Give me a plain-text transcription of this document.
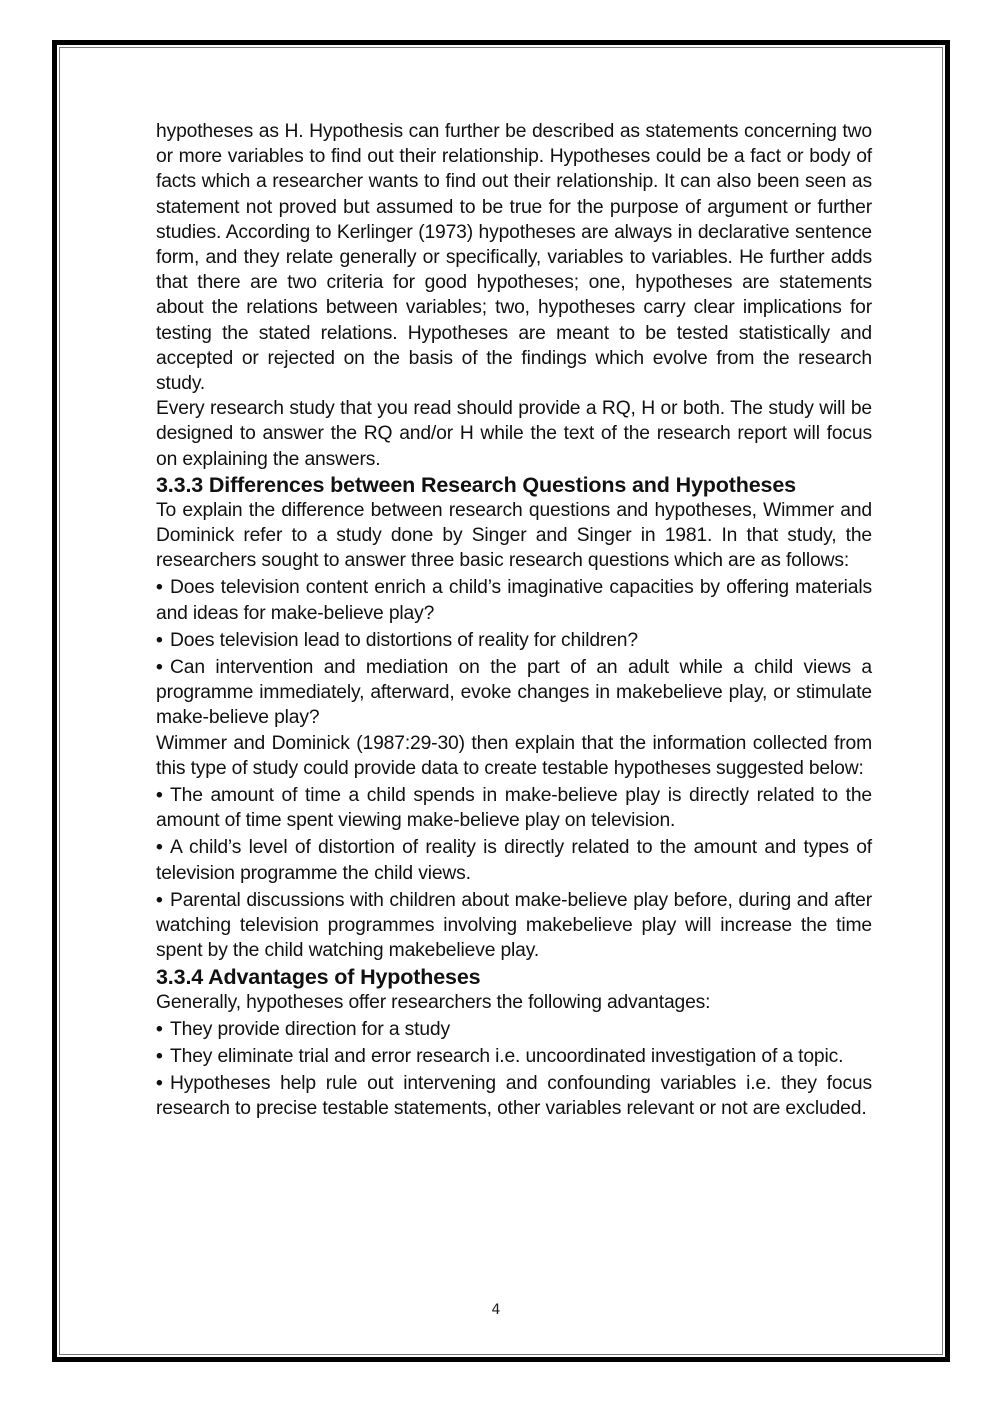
hypotheses as H. Hypothesis can further be described as statements concerning two or more variables to find out their relationship. Hypotheses could be a fact or body of facts which a researcher wants to find out their relationship. It can also been seen as statement not proved but assumed to be true for the purpose of argument or further studies. According to Kerlinger (1973) hypotheses are always in declarative sentence form, and they relate generally or specifically, variables to variables. He further adds that there are two criteria for good hypotheses; one, hypotheses are statements about the relations between variables; two, hypotheses carry clear implications for testing the stated relations. Hypotheses are meant to be tested statistically and accepted or rejected on the basis of the findings which evolve from the research study.

Every research study that you read should provide a RQ, H or both. The study will be designed to answer the RQ and/or H while the text of the research report will focus on explaining the answers.

3.3.3 Differences between Research Questions and Hypotheses

To explain the difference between research questions and hypotheses, Wimmer and Dominick refer to a study done by Singer and Singer in 1981. In that study, the researchers sought to answer three basic research questions which are as follows:

• Does television content enrich a child’s imaginative capacities by offering materials and ideas for make-believe play?

• Does television lead to distortions of reality for children?

• Can intervention and mediation on the part of an adult while a child views a programme immediately, afterward, evoke changes in makebelieve play, or stimulate make-believe play?

Wimmer and Dominick (1987:29-30) then explain that the information collected from this type of study could provide data to create testable hypotheses suggested below:

• The amount of time a child spends in make-believe play is directly related to the amount of time spent viewing make-believe play on television.

• A child’s level of distortion of reality is directly related to the amount and types of television programme the child views.

• Parental discussions with children about make-believe play before, during and after watching television programmes involving makebelieve play will increase the time spent by the child watching makebelieve play.

3.3.4 Advantages of Hypotheses

Generally, hypotheses offer researchers the following advantages:

• They provide direction for a study

• They eliminate trial and error research i.e. uncoordinated investigation of a topic.

• Hypotheses help rule out intervening and confounding variables i.e. they focus research to precise testable statements, other variables relevant or not are excluded.

4
